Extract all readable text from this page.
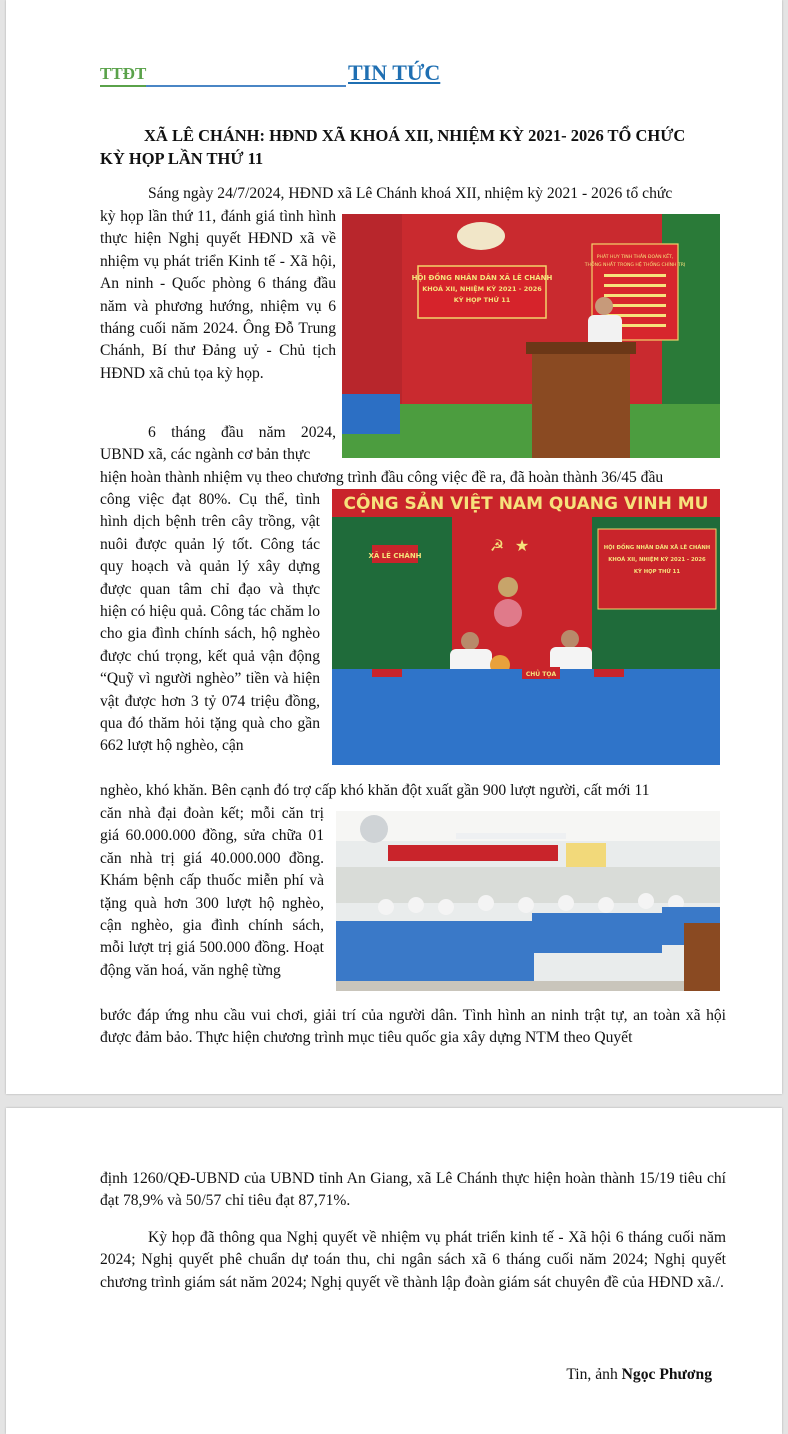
TTĐT	TIN TỨC
XÃ LÊ CHÁNH: HĐND XÃ KHOÁ XII, NHIỆM KỲ 2021- 2026 TỔ CHỨC
KỲ HỌP LẦN THỨ 11

Sáng ngày 24/7/2024, HĐND xã Lê Chánh khoá XII, nhiệm kỳ 2021 - 2026 tổ chức

kỳ họp lần thứ 11, đánh giá tình hình thực hiện Nghị quyết HĐND xã về nhiệm vụ phát triển Kinh tế - Xã hội, An ninh - Quốc phòng 6 tháng đầu năm và phương hướng, nhiệm vụ 6 tháng cuối năm 2024. Ông Đỗ Trung Chánh, Bí thư Đảng uỷ - Chủ tịch HĐND xã chủ tọa kỳ họp.

HỘI ĐỒNG NHÂN DÂN XÃ LÊ CHÁNH
KHOÁ XII, NHIỆM KỲ 2021 - 2026
KỲ HỌP THỨ 11
PHÁT HUY TINH THẦN ĐOÀN KẾT,
THỐNG NHẤT TRONG HỆ THỐNG CHÍNH TRỊ

6 tháng đầu năm 2024, UBND xã, các ngành cơ bản thực

hiện hoàn thành nhiệm vụ theo chương trình đầu công việc đề ra, đã hoàn thành 36/45 đầu

công việc đạt 80%. Cụ thể, tình hình dịch bệnh trên cây trồng, vật nuôi được quản lý tốt. Công tác quy hoạch và quản lý xây dựng được quan tâm chỉ đạo và thực hiện có hiệu quả. Công tác chăm lo cho gia đình chính sách, hộ nghèo được chú trọng, kết quả vận động “Quỹ vì người nghèo” tiền và hiện vật được hơn 3 tỷ 074 triệu đồng, qua đó thăm hỏi tặng quà cho gần 662 lượt hộ nghèo, cận

CỘNG SẢN VIỆT NAM QUANG VINH MU
XÃ LÊ CHÁNH
☭ ★	HỘI ĐỒNG NHÂN DÂN XÃ LÊ CHÁNH
KHOÁ XII, NHIỆM KỲ 2021 - 2026
KỲ HỌP THỨ 11
CHỦ TỌA

nghèo, khó khăn. Bên cạnh đó trợ cấp khó khăn đột xuất gần 900 lượt người, cất mới 11

căn nhà đại đoàn kết; mỗi căn trị giá 60.000.000 đồng, sửa chữa 01 căn nhà trị giá 40.000.000 đồng. Khám bệnh cấp thuốc miễn phí và tặng quà hơn 300 lượt hộ nghèo, cận nghèo, gia đình chính sách, mỗi lượt trị giá 500.000 đồng. Hoạt động văn hoá, văn nghệ từng

bước đáp ứng nhu cầu vui chơi, giải trí của người dân. Tình hình an ninh trật tự, an toàn xã hội được đảm bảo. Thực hiện chương trình mục tiêu quốc gia xây dựng NTM theo Quyết

định 1260/QĐ-UBND của UBND tỉnh An Giang, xã Lê Chánh thực hiện hoàn thành 15/19 tiêu chí đạt 78,9% và 50/57 chỉ tiêu đạt 87,71%.

Kỳ họp đã thông qua Nghị quyết về nhiệm vụ phát triển kinh tế - Xã hội 6 tháng cuối năm 2024; Nghị quyết phê chuẩn dự toán thu, chi ngân sách xã 6 tháng cuối năm 2024; Nghị quyết chương trình giám sát năm 2024; Nghị quyết về thành lập đoàn giám sát chuyên đề của HĐND xã./.

Tin, ảnh Ngọc Phương
